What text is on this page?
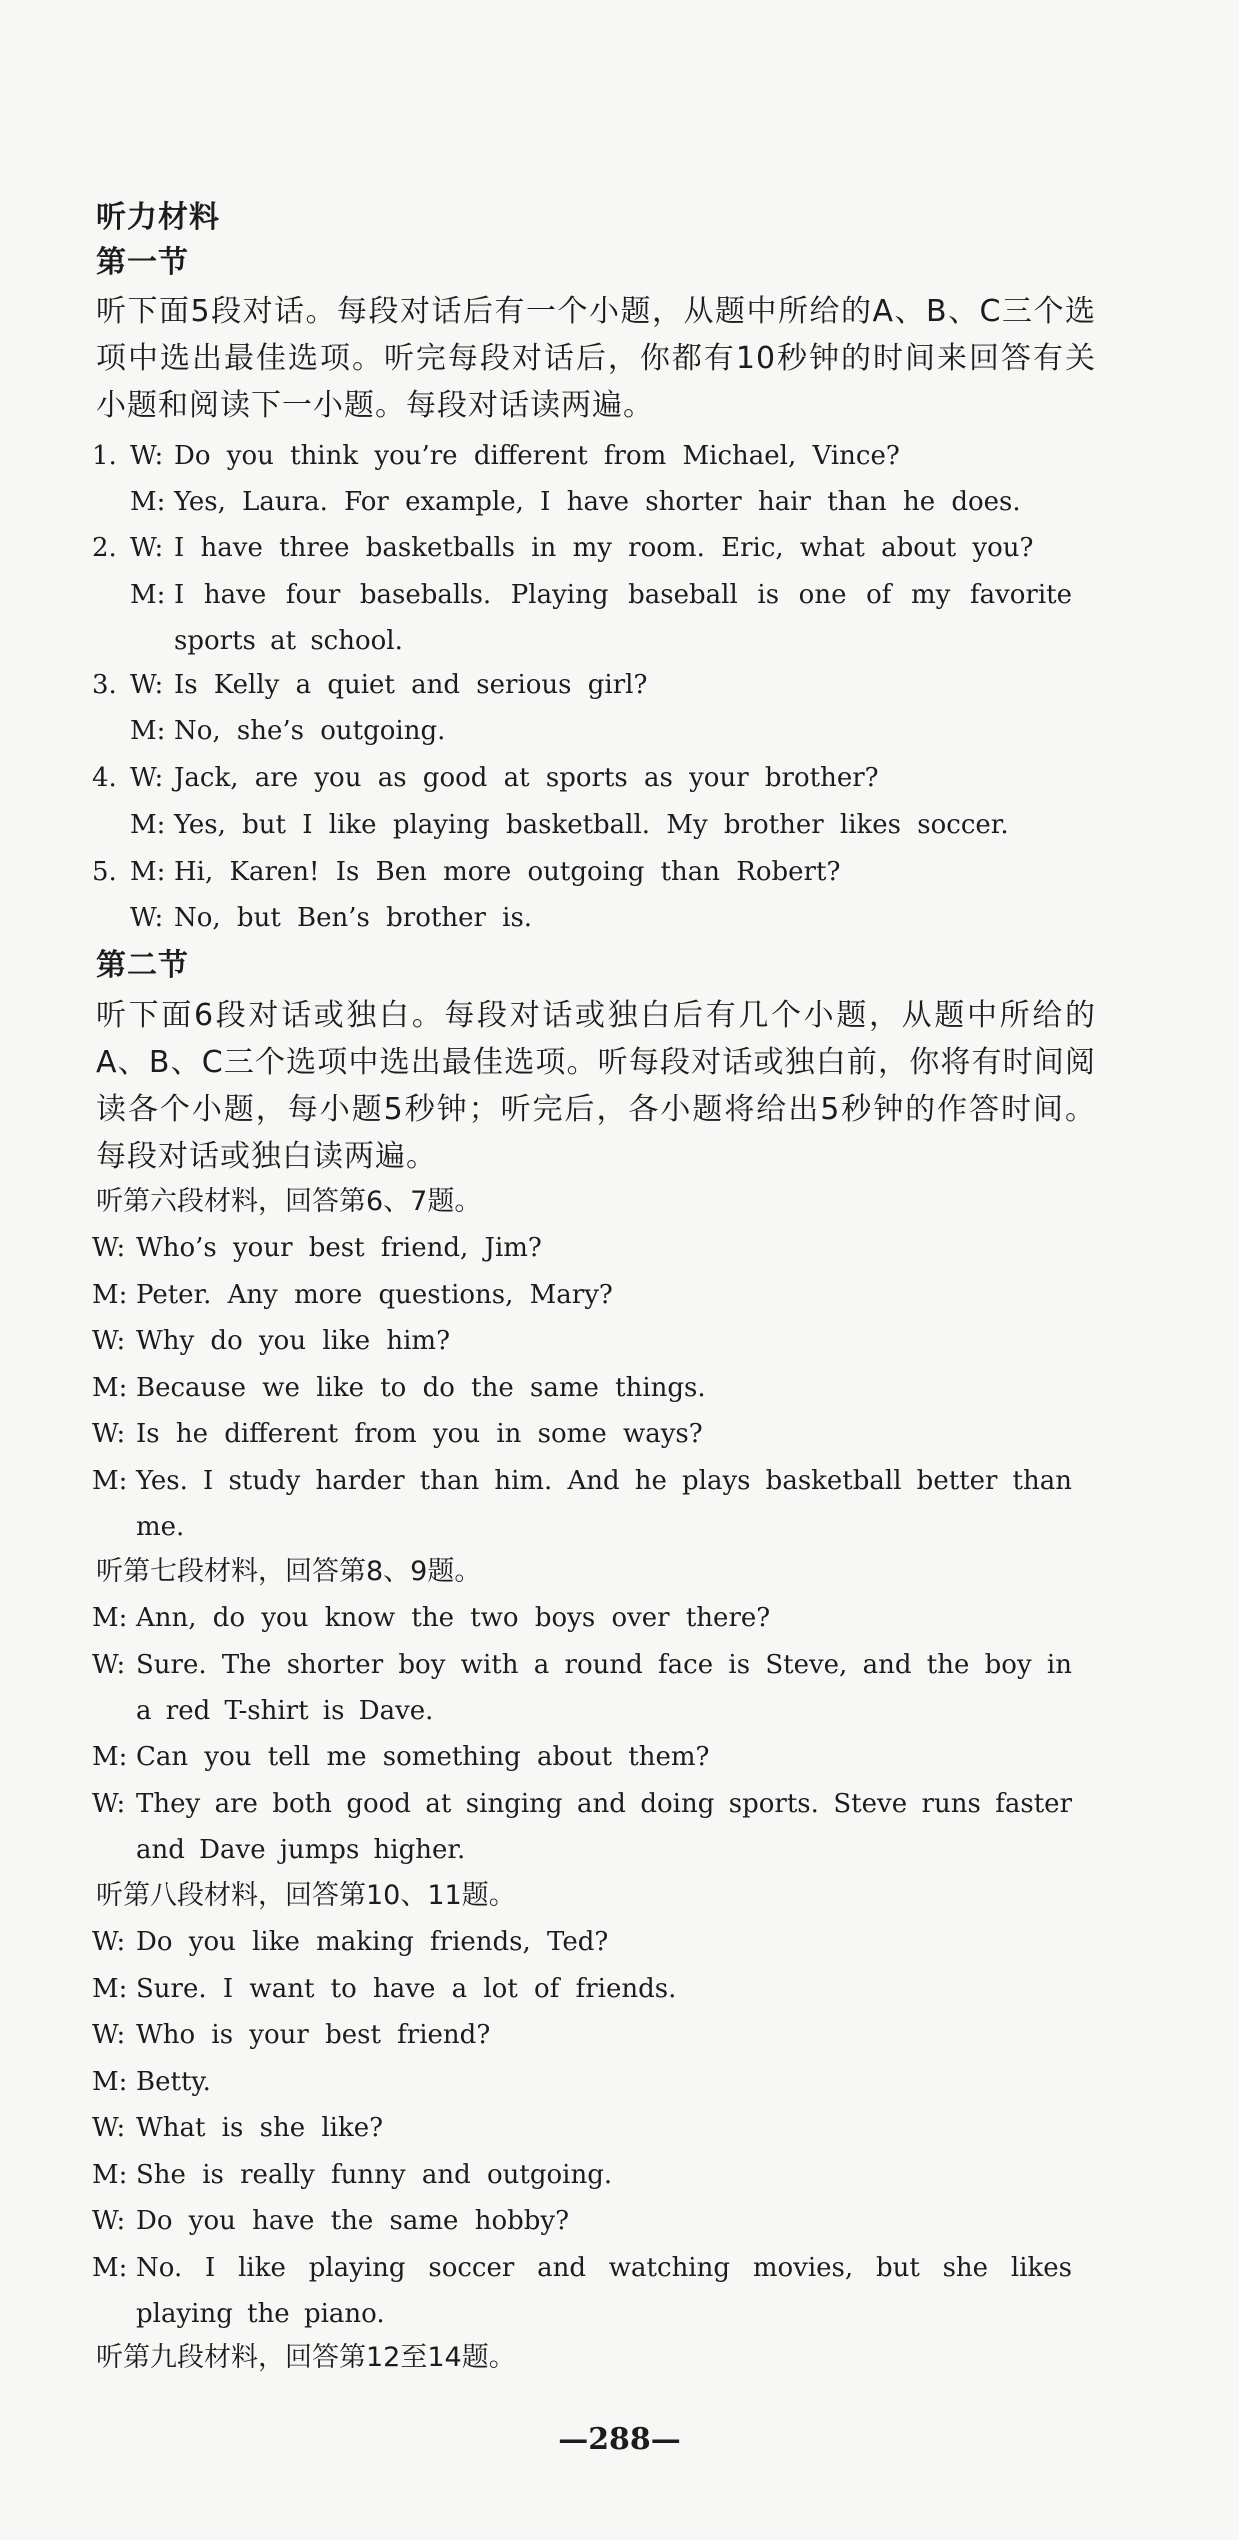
听力材料
第一节
听下面5段对话。每段对话后有一个小题，从题中所给的A、B、C三个选项中选出最佳选项。听完每段对话后，你都有10秒钟的时间来回答有关小题和阅读下一小题。每段对话读两遍。
1. W: Do you think you’re different from Michael, Vince?
M: Yes, Laura. For example, I have shorter hair than he does.
2. W: I have three basketballs in my room. Eric, what about you?
M: I have four baseballs. Playing baseball is one of my favorite sports at school.
3. W: Is Kelly a quiet and serious girl?
M: No, she’s outgoing.
4. W: Jack, are you as good at sports as your brother?
M: Yes, but I like playing basketball. My brother likes soccer.
5. M: Hi, Karen! Is Ben more outgoing than Robert?
W: No, but Ben’s brother is.
第二节
听下面6段对话或独白。每段对话或独白后有几个小题，从题中所给的A、B、C三个选项中选出最佳选项。听每段对话或独白前，你将有时间阅读各个小题，每小题5秒钟；听完后，各小题将给出5秒钟的作答时间。每段对话或独白读两遍。
听第六段材料，回答第6、7题。
W: Who’s your best friend, Jim?
M: Peter. Any more questions, Mary?
W: Why do you like him?
M: Because we like to do the same things.
W: Is he different from you in some ways?
M: Yes. I study harder than him. And he plays basketball better than me.
听第七段材料，回答第8、9题。
M: Ann, do you know the two boys over there?
W: Sure. The shorter boy with a round face is Steve, and the boy in a red T-shirt is Dave.
M: Can you tell me something about them?
W: They are both good at singing and doing sports. Steve runs faster and Dave jumps higher.
听第八段材料，回答第10、11题。
W: Do you like making friends, Ted?
M: Sure. I want to have a lot of friends.
W: Who is your best friend?
M: Betty.
W: What is she like?
M: She is really funny and outgoing.
W: Do you have the same hobby?
M: No. I like playing soccer and watching movies, but she likes playing the piano.
听第九段材料，回答第12至14题。
—288—
